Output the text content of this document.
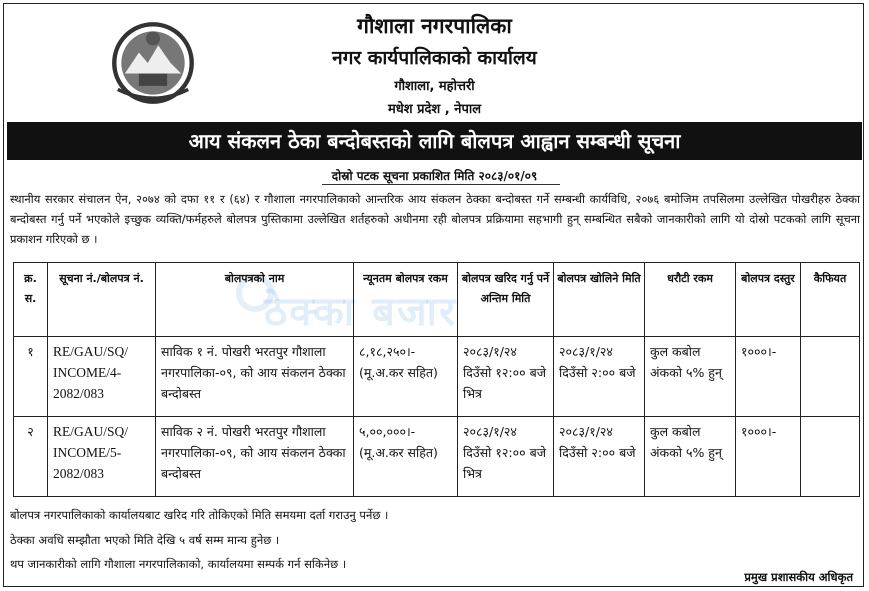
गौशाला नगरपालिका
नगर कार्यपालिकाको कार्यालय
गौशाला, महोत्तरी
मधेश प्रदेश , नेपाल
आय संकलन ठेका बन्दोबस्तको लागि बोलपत्र आह्वान सम्बन्धी सूचना
दोस्रो पटक सूचना प्रकाशित मिति २०८३/०१/०९
स्थानीय सरकार संचालन ऐन, २०७४ को दफा ११ र (६४) र गौशाला नगरपालिकाको आन्तरिक आय संकलन ठेक्का बन्दोबस्त गर्ने सम्बन्धी कार्यविधि, २०७६ बमोजिम तपसिलमा उल्लेखित पोखरीहरु ठेक्का बन्दोबस्त गर्नु पर्ने भएकोले इच्छुक व्यक्ति/फर्महरुले बोलपत्र पुस्तिकामा उल्लेखित शर्तहरुको अधीनमा रही बोलपत्र प्रक्रियामा सहभागी हुन् सम्बन्धित सबैको जानकारीको लागि यो दोस्रो पटकको लागि सूचना प्रकाशन गरिएको छ ।
ठेक्का बजार
क्र. स.	सूचना नं./बोलपत्र नं.	बोलपत्रको नाम	न्यूनतम बोलपत्र रकम	बोलपत्र खरिद गर्नु पर्ने अन्तिम मिति	बोलपत्र खोलिने मिति	धरौटी रकम	बोलपत्र दस्तुर	कैफियत
१	RE/GAU/SQ/ INCOME/4- 2082/083	साविक १ नं. पोखरी भरतपुर गौशाला नगरपालिका-०९, को आय संकलन ठेक्का बन्दोबस्त	८,१८,२५०।- (मू.अ.कर सहित)	२०८३/१/२४ दिउँसो १२:०० बजे भित्र	२०८३/१/२४ दिउँसो २:०० बजे	कुल कबोल अंकको ५% हुन्	१०००।-	
२	RE/GAU/SQ/ INCOME/5- 2082/083	साविक २ नं. पोखरी भरतपुर गौशाला नगरपालिका-०९, को आय संकलन ठेक्का बन्दोबस्त	५,००,०००।- (मू.अ.कर सहित)	२०८३/१/२४ दिउँसो १२:०० बजे भित्र	२०८३/१/२४ दिउँसो २:०० बजे	कुल कबोल अंकको ५% हुन्	१०००।-	
बोलपत्र नगरपालिकाको कार्यालयबाट खरिद गरि तोकिएको मिति समयमा दर्ता गराउनु पर्नेछ ।
ठेक्का अवधि सम्झौता भएको मिति देखि ५ वर्ष सम्म मान्य हुनेछ ।
थप जानकारीको लागि गौशाला नगरपालिकाको, कार्यालयमा सम्पर्क गर्न सकिनेछ ।
प्रमुख प्रशासकीय अधिकृत
